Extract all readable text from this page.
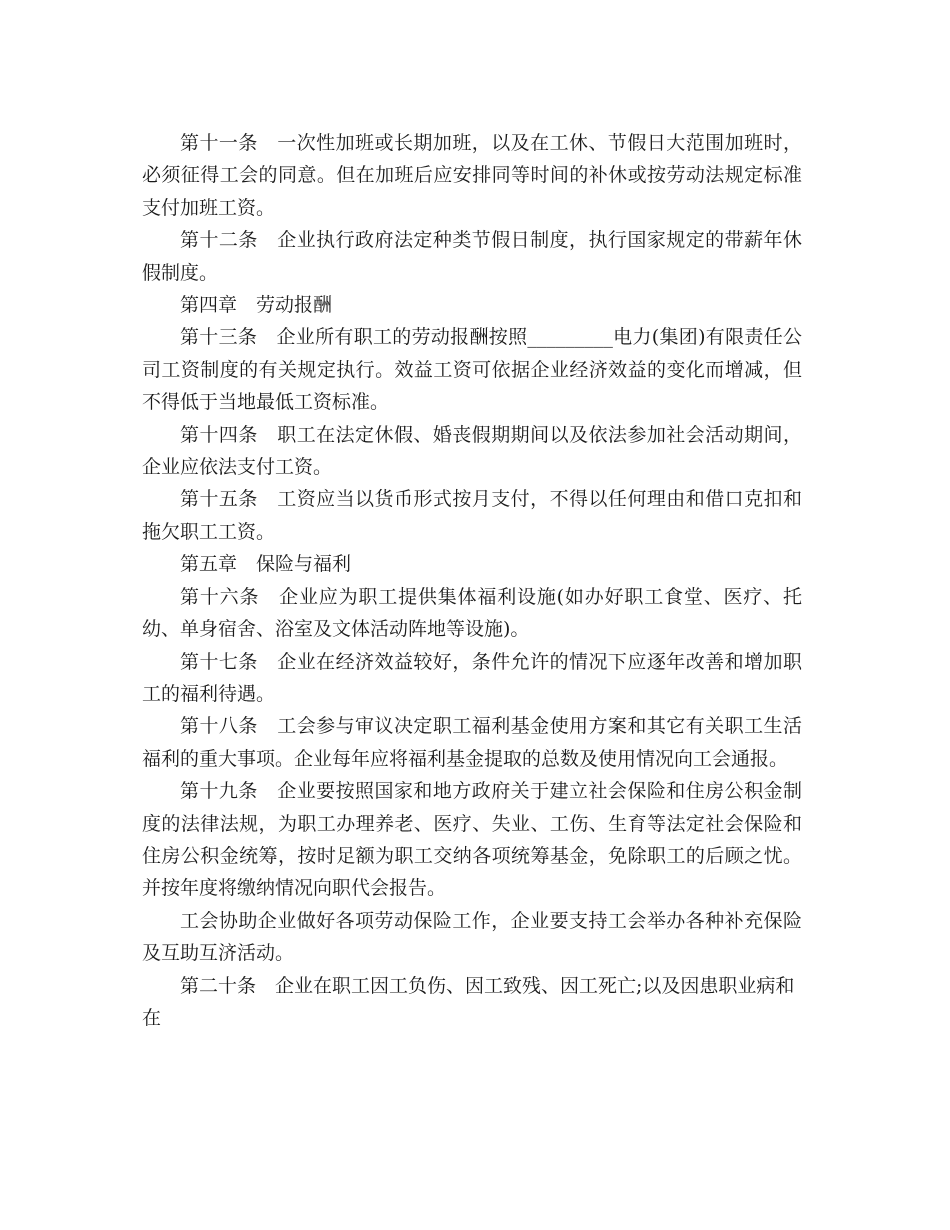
第十一条　一次性加班或长期加班，以及在工休、节假日大范围加班时，必须征得工会的同意。但在加班后应安排同等时间的补休或按劳动法规定标准支付加班工资。

第十二条　企业执行政府法定种类节假日制度，执行国家规定的带薪年休假制度。

第四章　劳动报酬

第十三条　企业所有职工的劳动报酬按照_________电力(集团)有限责任公司工资制度的有关规定执行。效益工资可依据企业经济效益的变化而增减，但不得低于当地最低工资标准。

第十四条　职工在法定休假、婚丧假期期间以及依法参加社会活动期间，企业应依法支付工资。

第十五条　工资应当以货币形式按月支付，不得以任何理由和借口克扣和拖欠职工工资。

第五章　保险与福利

第十六条　企业应为职工提供集体福利设施(如办好职工食堂、医疗、托幼、单身宿舍、浴室及文体活动阵地等设施)。

第十七条　企业在经济效益较好，条件允许的情况下应逐年改善和增加职工的福利待遇。

第十八条　工会参与审议决定职工福利基金使用方案和其它有关职工生活福利的重大事项。企业每年应将福利基金提取的总数及使用情况向工会通报。

第十九条　企业要按照国家和地方政府关于建立社会保险和住房公积金制度的法律法规，为职工办理养老、医疗、失业、工伤、生育等法定社会保险和住房公积金统筹，按时足额为职工交纳各项统筹基金，免除职工的后顾之忧。并按年度将缴纳情况向职代会报告。

工会协助企业做好各项劳动保险工作，企业要支持工会举办各种补充保险及互助互济活动。

第二十条　企业在职工因工负伤、因工致残、因工死亡;以及因患职业病和在
